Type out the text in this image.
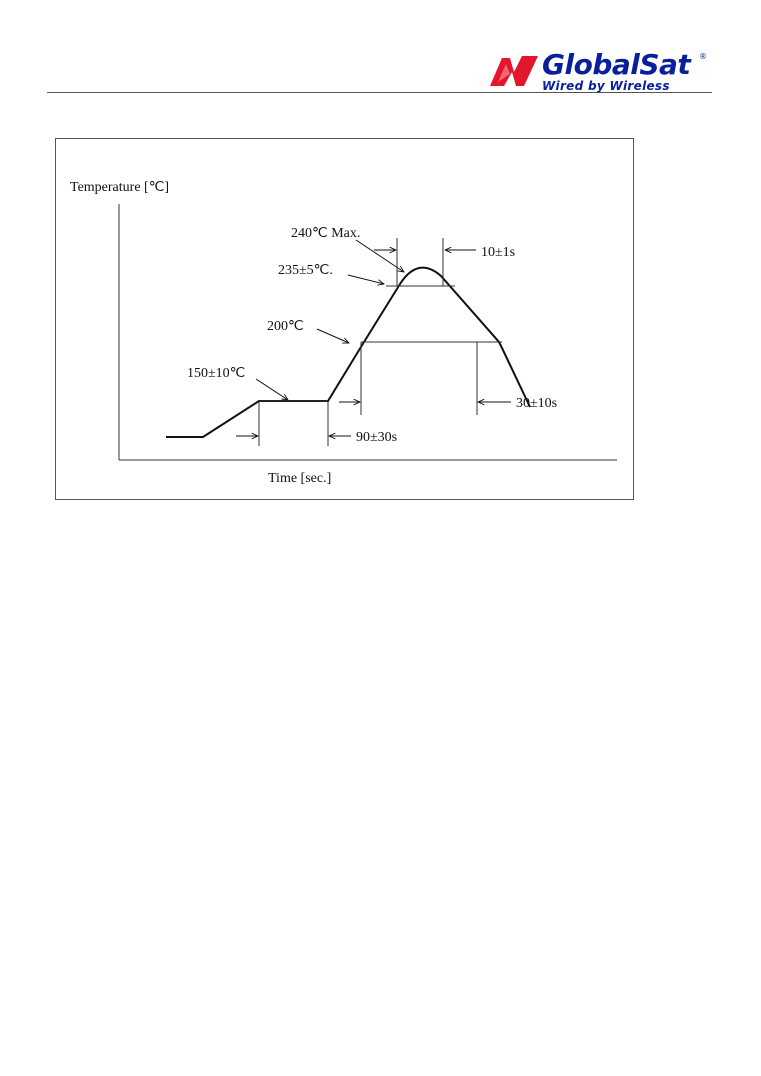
GlobalSat ®
Wired by Wireless
Temperature [℃]
Time [sec.]
240℃ Max.
235±5℃.
200℃
150±10℃
10±1s
30±10s
90±30s
